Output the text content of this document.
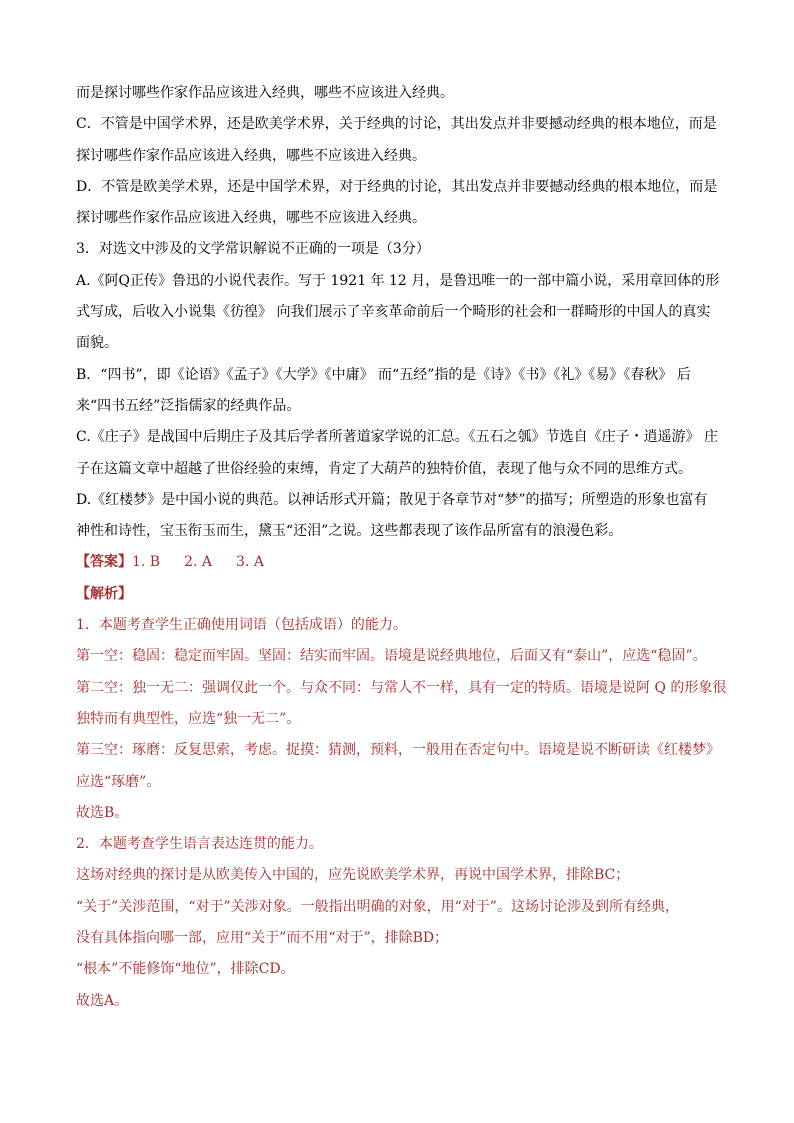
而是探讨哪些作家作品应该进入经典，哪些不应该进入经典。
C．不管是中国学术界，还是欧美学术界，关于经典的讨论，其出发点并非要撼动经典的根本地位，而是
探讨哪些作家作品应该进入经典，哪些不应该进入经典。
D．不管是欧美学术界，还是中国学术界，对于经典的讨论，其出发点并非要撼动经典的根本地位，而是
探讨哪些作家作品应该进入经典，哪些不应该进入经典。
3．对选文中涉及的文学常识解说不正确的一项是（3分）
A.《阿Q正传》鲁迅的小说代表作。写于 1921 年 12 月，是鲁迅唯一的一部中篇小说，采用章回体的形
式写成，后收入小说集《彷徨》 向我们展示了辛亥革命前后一个畸形的社会和一群畸形的中国人的真实
面貌。
B．“四书”，即《论语》《孟子》《大学》《中庸》 而“五经”指的是《诗》《书》《礼》《易》《春秋》 后
来“四书五经”泛指儒家的经典作品。
C.《庄子》是战国中后期庄子及其后学者所著道家学说的汇总。《五石之瓠》节选自《庄子・逍遥游》 庄
子在这篇文章中超越了世俗经验的束缚，肯定了大葫芦的独特价值，表现了他与众不同的思维方式。
D.《红楼梦》是中国小说的典范。以神话形式开篇；散见于各章节对“梦”的描写；所塑造的形象也富有
神性和诗性，宝玉衔玉而生，黛玉“还泪”之说。这些都表现了该作品所富有的浪漫色彩。
【答案】1. B 2. A 3. A
【解析】
1．本题考查学生正确使用词语（包括成语）的能力。
第一空：稳固：稳定而牢固。坚固：结实而牢固。语境是说经典地位，后面又有“泰山”，应选“稳固”。
第二空：独一无二：强调仅此一个。与众不同：与常人不一样，具有一定的特质。语境是说阿 Q 的形象很
独特而有典型性，应选“独一无二”。
第三空：琢磨：反复思索，考虑。捉摸：猜测，预料，一般用在否定句中。语境是说不断研读《红楼梦》
应选“琢磨”。
故选B。
2．本题考查学生语言表达连贯的能力。
这场对经典的探讨是从欧美传入中国的，应先说欧美学术界，再说中国学术界，排除BC；
“关于”关涉范围，“对于”关涉对象。一般指出明确的对象，用“对于”。这场讨论涉及到所有经典，
没有具体指向哪一部，应用“关于”而不用“对于”，排除BD；
“根本”不能修饰“地位”，排除CD。
故选A。
